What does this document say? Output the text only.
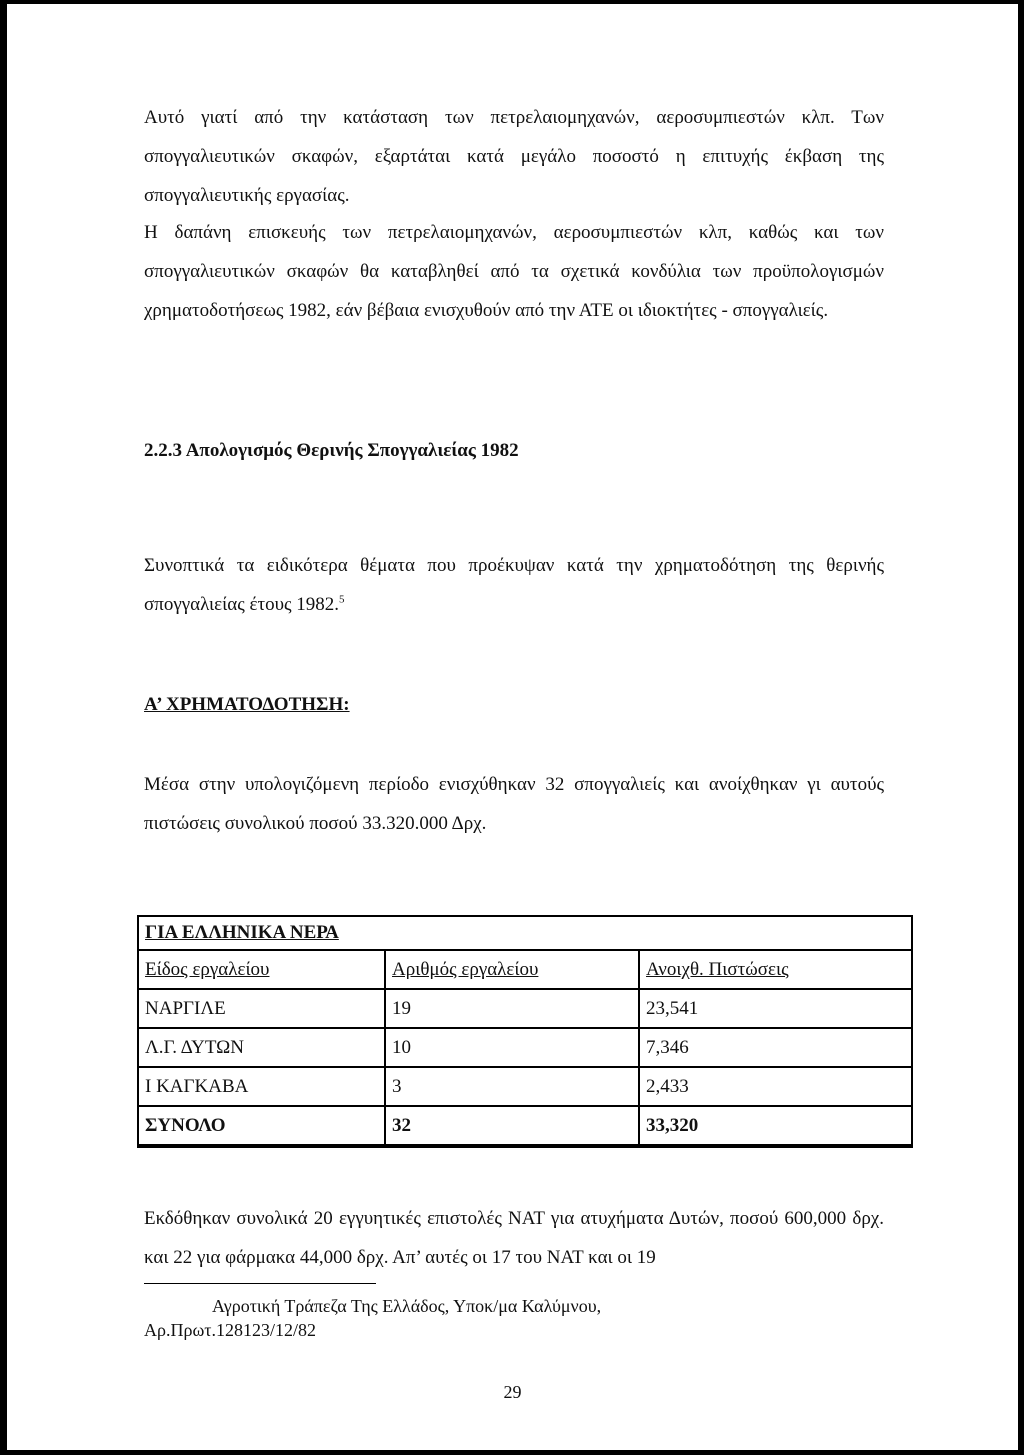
Αυτό γιατί από την κατάσταση των πετρελαιομηχανών, αεροσυμπιεστών κλπ. Των σπογγαλιευτικών σκαφών, εξαρτάται κατά μεγάλο ποσοστό η επιτυχής έκβαση της σπογγαλιευτικής εργασίας.

Η δαπάνη επισκευής των πετρελαιομηχανών, αεροσυμπιεστών κλπ, καθώς και των σπογγαλιευτικών σκαφών θα καταβληθεί από τα σχετικά κονδύλια των προϋπολογισμών χρηματοδοτήσεως 1982, εάν βέβαια ενισχυθούν από την ΑΤΕ οι ιδιοκτήτες - σπογγαλιείς.

2.2.3 Απολογισμός Θερινής Σπογγαλιείας 1982

Συνοπτικά τα ειδικότερα θέματα που προέκυψαν κατά την χρηματοδότηση της θερινής σπογγαλιείας έτους 1982.$^5$

Α’ ΧΡΗΜΑΤΟΔΟΤΗΣΗ:

Μέσα στην υπολογιζόμενη περίοδο ενισχύθηκαν 32 σπογγαλιείς και ανοίχθηκαν γι αυτούς πιστώσεις συνολικού ποσού 33.320.000 Δρχ.

ΓΙΑ ΕΛΛΗΝΙΚΑ ΝΕΡΑ		
Είδος εργαλείου	Αριθμός εργαλείου	Ανοιχθ. Πιστώσεις
ΝΑΡΓΙΛΕ	19	23,541
Λ.Γ. ΔΥΤΩΝ	10	7,346
Ι ΚΑΓΚΑΒΑ	3	2,433
ΣΥΝΟΛΟ	32	33,320

Εκδόθηκαν συνολικά 20 εγγυητικές επιστολές ΝΑΤ για ατυχήματα Δυτών, ποσού 600,000 δρχ. και 22 για φάρμακα 44,000 δρχ. Απ’ αυτές οι 17 του ΝΑΤ και οι 19

Αγροτική Τράπεζα Της Ελλάδος, Υποκ/μα Καλύμνου,
Αρ.Πρωτ.128123/12/82

29
